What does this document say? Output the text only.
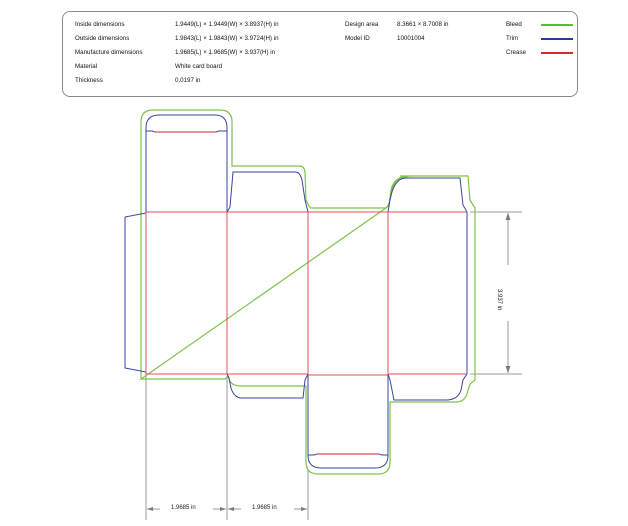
Inside dimensions	1.9449(L) × 1.9449(W) × 3.8937(H) in
Outside dimensions	1.9843(L) × 1.9843(W) × 3.9724(H) in
Manufacture dimensions	1.9685(L) × 1.9685(W) × 3.937(H) in
Material	White card board
Thickness	0.0197 in
Design area	8.3661 × 8.7008 in
Model ID	10001004
Bleed
Trim
Crease
3.937 in
1.9685 in	1.9685 in
